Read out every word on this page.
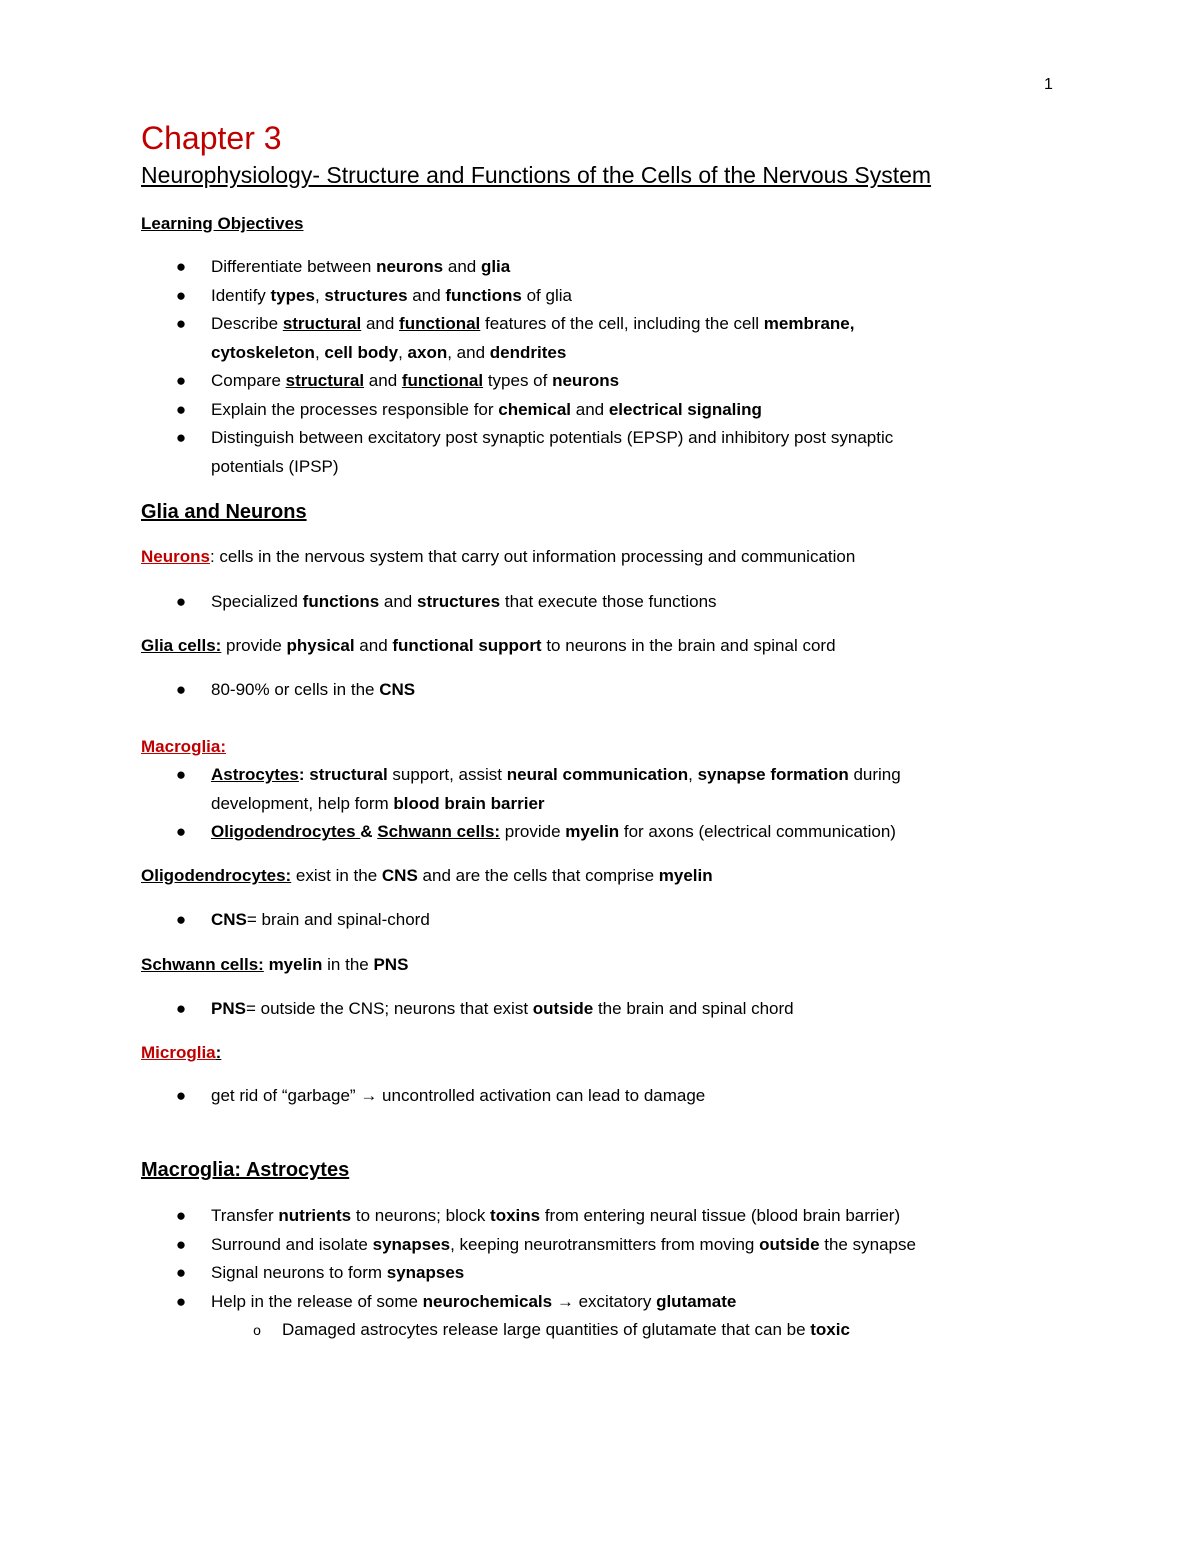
1
Chapter 3
Neurophysiology- Structure and Functions of the Cells of the Nervous System
Learning Objectives
● Differentiate between neurons and glia
● Identify types, structures and functions of glia
● Describe structural and functional features of the cell, including the cell membrane,
cytoskeleton, cell body, axon, and dendrites
● Compare structural and functional types of neurons
● Explain the processes responsible for chemical and electrical signaling
● Distinguish between excitatory post synaptic potentials (EPSP) and inhibitory post synaptic
potentials (IPSP)
Glia and Neurons
Neurons: cells in the nervous system that carry out information processing and communication
● Specialized functions and structures that execute those functions
Glia cells: provide physical and functional support to neurons in the brain and spinal cord
● 80-90% or cells in the CNS
Macroglia:
● Astrocytes: structural support, assist neural communication, synapse formation during
development, help form blood brain barrier
● Oligodendrocytes & Schwann cells: provide myelin for axons (electrical communication)
Oligodendrocytes: exist in the CNS and are the cells that comprise myelin
● CNS= brain and spinal-chord
Schwann cells: myelin in the PNS
● PNS= outside the CNS; neurons that exist outside the brain and spinal chord
Microglia:
● get rid of “garbage” → uncontrolled activation can lead to damage
Macroglia: Astrocytes
● Transfer nutrients to neurons; block toxins from entering neural tissue (blood brain barrier)
● Surround and isolate synapses, keeping neurotransmitters from moving outside the synapse
● Signal neurons to form synapses
● Help in the release of some neurochemicals → excitatory glutamate
o Damaged astrocytes release large quantities of glutamate that can be toxic
